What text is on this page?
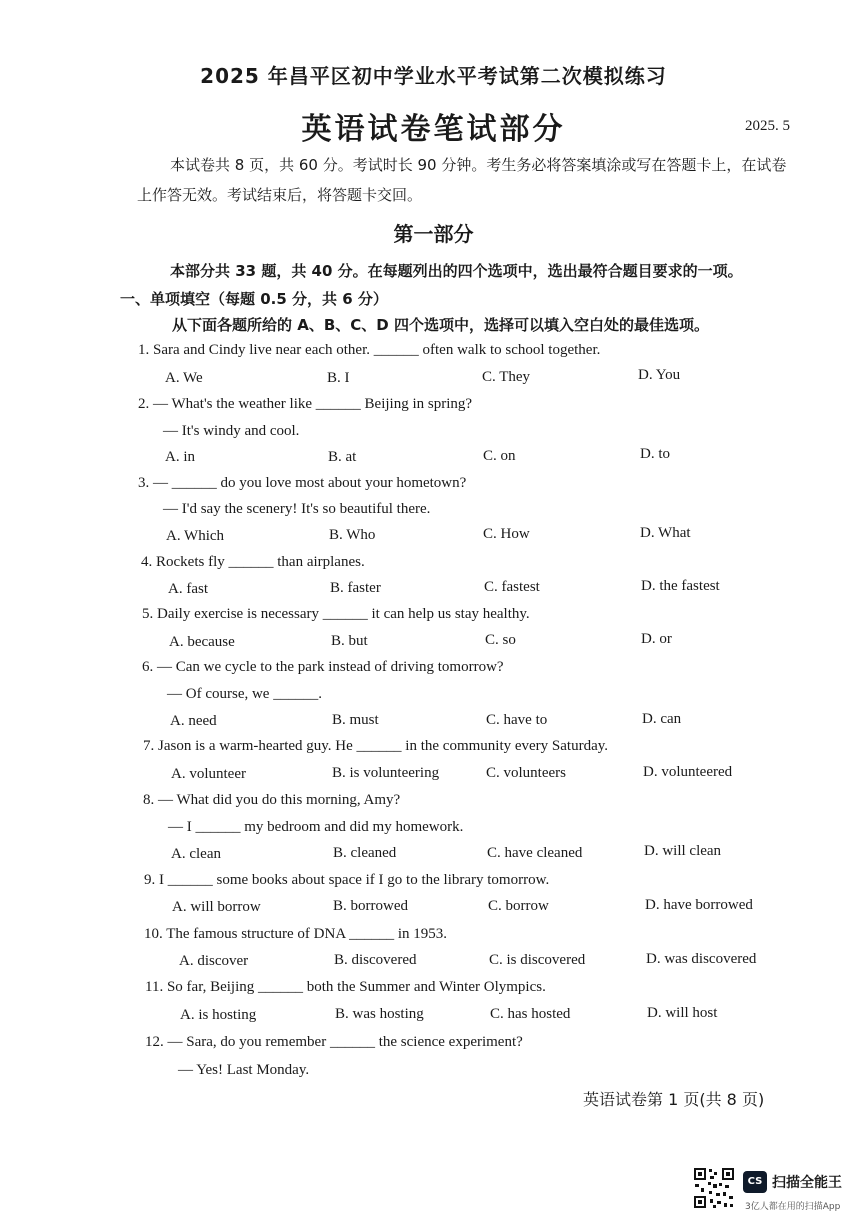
2025 年昌平区初中学业水平考试第二次模拟练习
英语试卷笔试部分	2025. 5
本试卷共 8 页，共 60 分。考试时长 90 分钟。考生务必将答案填涂或写在答题卡上，在试卷上作答无效。考试结束后，将答题卡交回。
第一部分
本部分共 33 题，共 40 分。在每题列出的四个选项中，选出最符合题目要求的一项。
一、单项填空（每题 0.5 分，共 6 分）
从下面各题所给的 A、B、C、D 四个选项中，选择可以填入空白处的最佳选项。
1. Sara and Cindy live near each other. ______ often walk to school together.
A. We	B. I	C. They	D. You
2. — What's the weather like ______ Beijing in spring?
— It's windy and cool.
A. in	B. at	C. on	D. to
3. — ______ do you love most about your hometown?
— I'd say the scenery! It's so beautiful there.
A. Which	B. Who	C. How	D. What
4. Rockets fly ______ than airplanes.
A. fast	B. faster	C. fastest	D. the fastest
5. Daily exercise is necessary ______ it can help us stay healthy.
A. because	B. but	C. so	D. or
6. — Can we cycle to the park instead of driving tomorrow?
— Of course, we ______.
A. need	B. must	C. have to	D. can
7. Jason is a warm-hearted guy. He ______ in the community every Saturday.
A. volunteer	B. is volunteering	C. volunteers	D. volunteered
8. — What did you do this morning, Amy?
— I ______ my bedroom and did my homework.
A. clean	B. cleaned	C. have cleaned	D. will clean
9. I ______ some books about space if I go to the library tomorrow.
A. will borrow	B. borrowed	C. borrow	D. have borrowed
10. The famous structure of DNA ______ in 1953.
A. discover	B. discovered	C. is discovered	D. was discovered
11. So far, Beijing ______ both the Summer and Winter Olympics.
A. is hosting	B. was hosting	C. has hosted	D. will host
12. — Sara, do you remember ______ the science experiment?
— Yes! Last Monday.
英语试卷第 1 页(共 8 页)
CS 扫描全能王
3亿人都在用的扫描App
